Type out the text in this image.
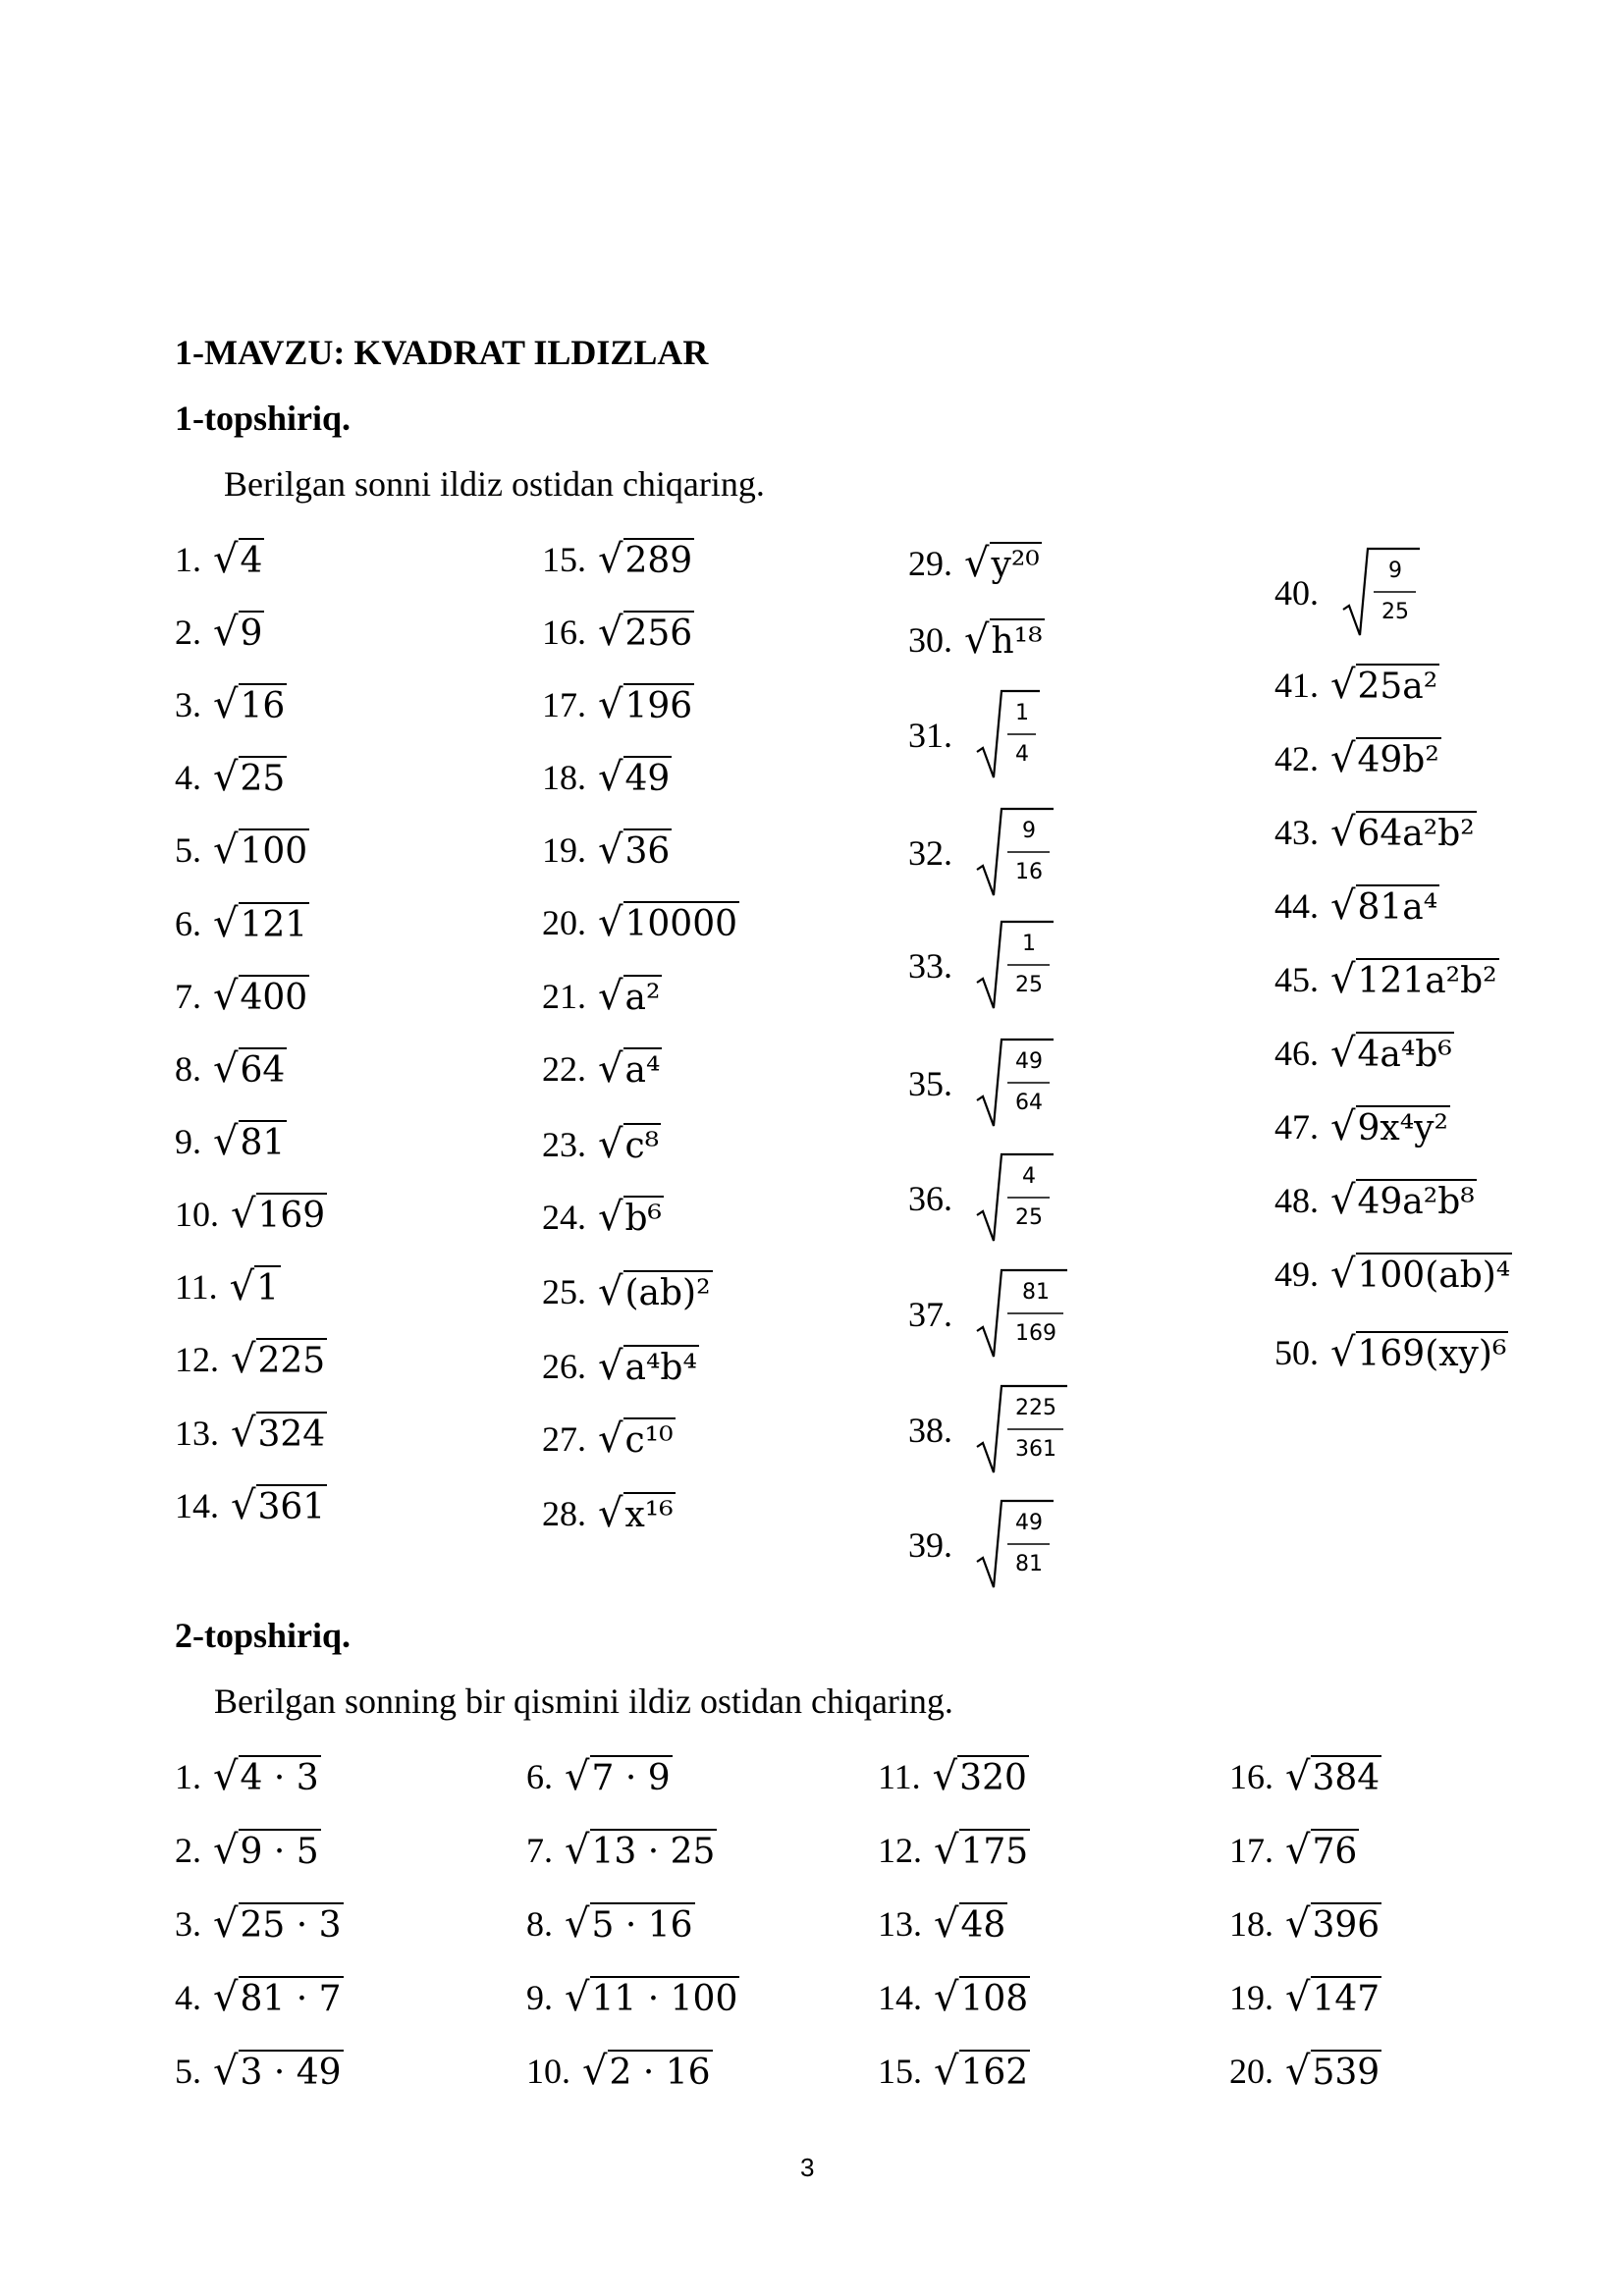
1-MAVZU: KVADRAT ILDIZLAR
1-topshiriq.
Berilgan sonni ildiz ostidan chiqaring.
1. √ 4
2. √ 9
3. √ 16
4. √ 25
5. √ 100
6. √ 121
7. √ 400
8. √ 64
9. √ 81
10. √ 169
11. √ 1
12. √ 225
13. √ 324
14. √ 361
15. √ 289
16. √ 256
17. √ 196
18. √ 49
19. √ 36
20. √ 10000
21. √ a²
22. √ a⁴
23. √ c⁸
24. √ b⁶
25. √ (ab)²
26. √ a⁴b⁴
27. √ c¹⁰
28. √ x¹⁶
29. √ y²⁰
30. √ h¹⁸
31.
1
4
32.
9
16
33.
1
25
35.
49
64
36.
4
25
37.
81
169
38.
225
361
39.
49
81
40.
9
25
41. √ 25a²
42. √ 49b²
43. √ 64a²b²
44. √ 81a⁴
45. √ 121a²b²
46. √ 4a⁴b⁶
47. √ 9x⁴y²
48. √ 49a²b⁸
49. √ 100(ab)⁴
50. √ 169(xy)⁶
2-topshiriq.
Berilgan sonning bir qismini ildiz ostidan chiqaring.
1. √ 4 · 3
2. √ 9 · 5
3. √ 25 · 3
4. √ 81 · 7
5. √ 3 · 49
6. √ 7 · 9
7. √ 13 · 25
8. √ 5 · 16
9. √ 11 · 100
10. √ 2 · 16
11. √ 320
12. √ 175
13. √ 48
14. √ 108
15. √ 162
16. √ 384
17. √ 76
18. √ 396
19. √ 147
20. √ 539
3
